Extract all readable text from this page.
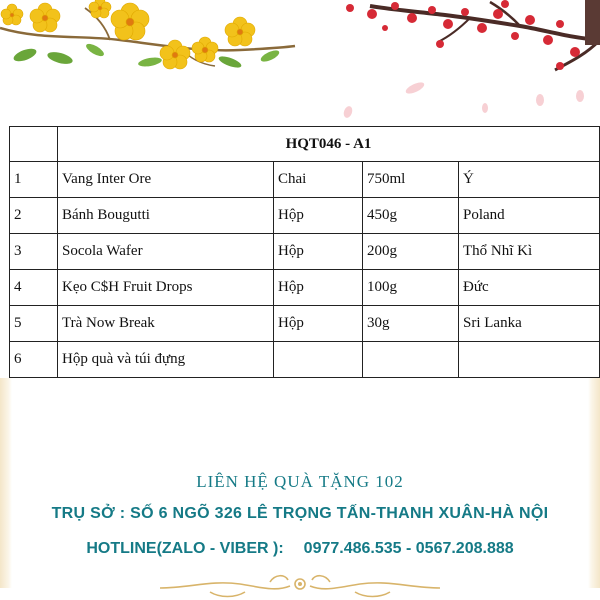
	HQT046 - A1			
1	Vang Inter Ore	Chai	750ml	Ý
2	Bánh Bougutti	Hộp	450g	Poland
3	Socola Wafer	Hộp	200g	Thổ Nhĩ Kì
4	Kẹo C$H Fruit Drops	Hộp	100g	Đức
5	Trà Now Break	Hộp	30g	Sri Lanka
6	Hộp quà và túi đựng			
LIÊN HỆ QUÀ TẶNG 102
TRỤ SỞ : SỐ 6 NGÕ 326 LÊ TRỌNG TẤN-THANH XUÂN-HÀ NỘI
HOTLINE(ZALO - VIBER ): 0977.486.535 - 0567.208.888
